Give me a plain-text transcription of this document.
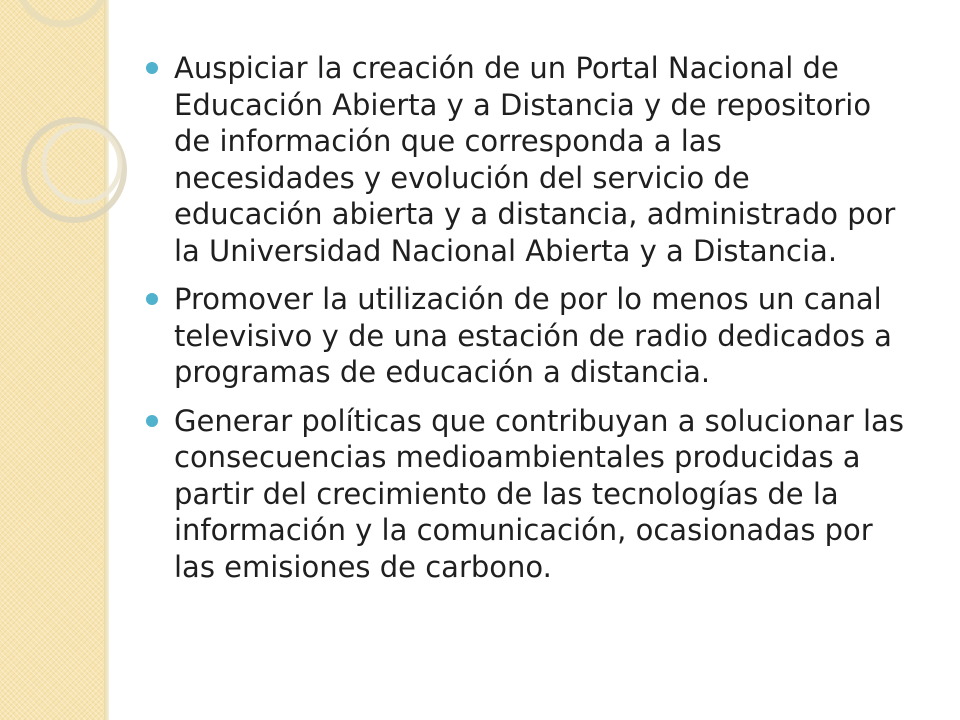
Auspiciar la creación de un Portal Nacional de Educación Abierta y a Distancia y de repositorio de información que corresponda a las necesidades y evolución del servicio de educación abierta y a distancia, administrado por la Universidad Nacional Abierta y a Distancia.
Promover la utilización de por lo menos un canal televisivo y de una estación de radio dedicados a programas de educación a distancia.
Generar políticas que contribuyan a solucionar las consecuencias medioambientales producidas a partir del crecimiento de las tecnologías de la información y la comunicación, ocasionadas por las emisiones de carbono.
